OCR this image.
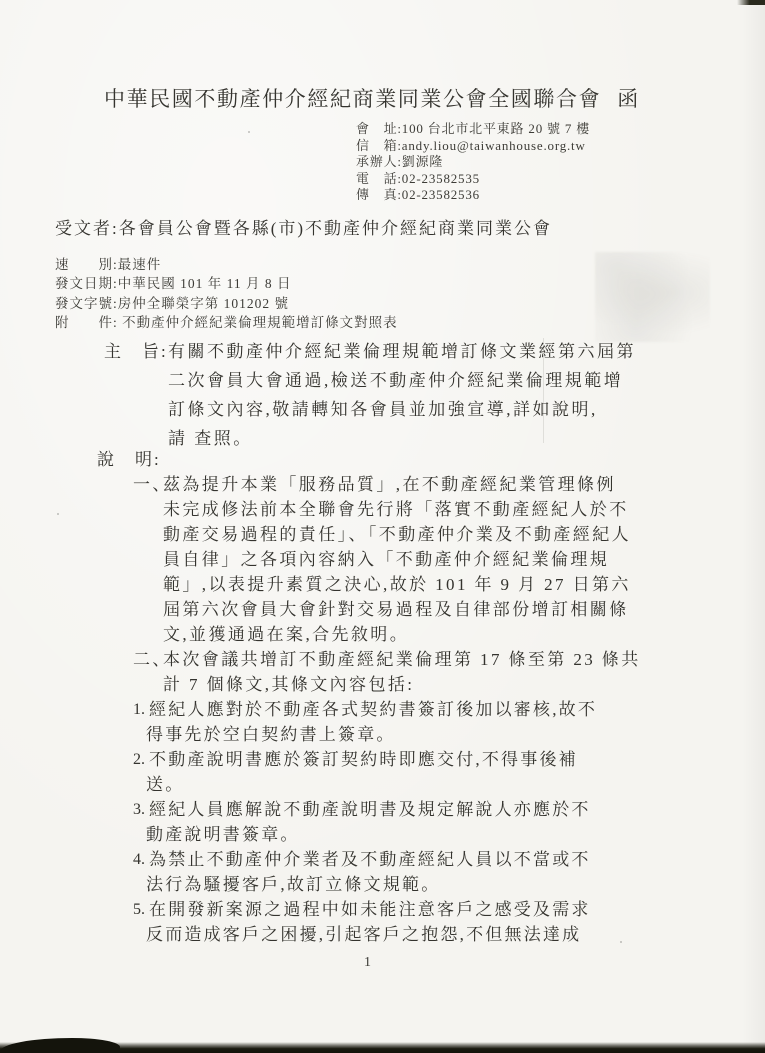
中華民國不動產仲介經紀商業同業公會全國聯合會 函
會　址:100 台北市北平東路 20 號 7 樓
信　箱:andy.liou@taiwanhouse.org.tw
承辦人:劉源隆
電　話:02-23582535
傳　真:02-23582536
受文者:各會員公會暨各縣(市)不動產仲介經紀商業同業公會
速　　別:最速件
發文日期:中華民國 101 年 11 月 8 日
發文字號:房仲全聯榮字第 101202 號
附　　件: 不動產仲介經紀業倫理規範增訂條文對照表
主　旨: 有關不動產仲介經紀業倫理規範增訂條文業經第六屆第
二次會員大會通過,檢送不動產仲介經紀業倫理規範增
訂條文內容,敬請轉知各會員並加強宣導,詳如說明,
請 查照。
說　明:
一、
茲為提升本業「服務品質」,在不動產經紀業管理條例
未完成修法前本全聯會先行將「落實不動產經紀人於不
動產交易過程的責任」、「不動產仲介業及不動產經紀人
員自律」之各項內容納入「不動產仲介經紀業倫理規
範」,以表提升素質之決心,故於 101 年 9 月 27 日第六
屆第六次會員大會針對交易過程及自律部份增訂相關條
文,並獲通過在案,合先敘明。
二、
本次會議共增訂不動產經紀業倫理第 17 條至第 23 條共
計 7 個條文,其條文內容包括:
1. 經紀人應對於不動產各式契約書簽訂後加以審核,故不
得事先於空白契約書上簽章。
2. 不動產說明書應於簽訂契約時即應交付,不得事後補
送。
3. 經紀人員應解說不動產說明書及規定解說人亦應於不
動產說明書簽章。
4. 為禁止不動產仲介業者及不動產經紀人員以不當或不
法行為騷擾客戶,故訂立條文規範。
5. 在開發新案源之過程中如未能注意客戶之感受及需求
反而造成客戶之困擾,引起客戶之抱怨,不但無法達成
1
